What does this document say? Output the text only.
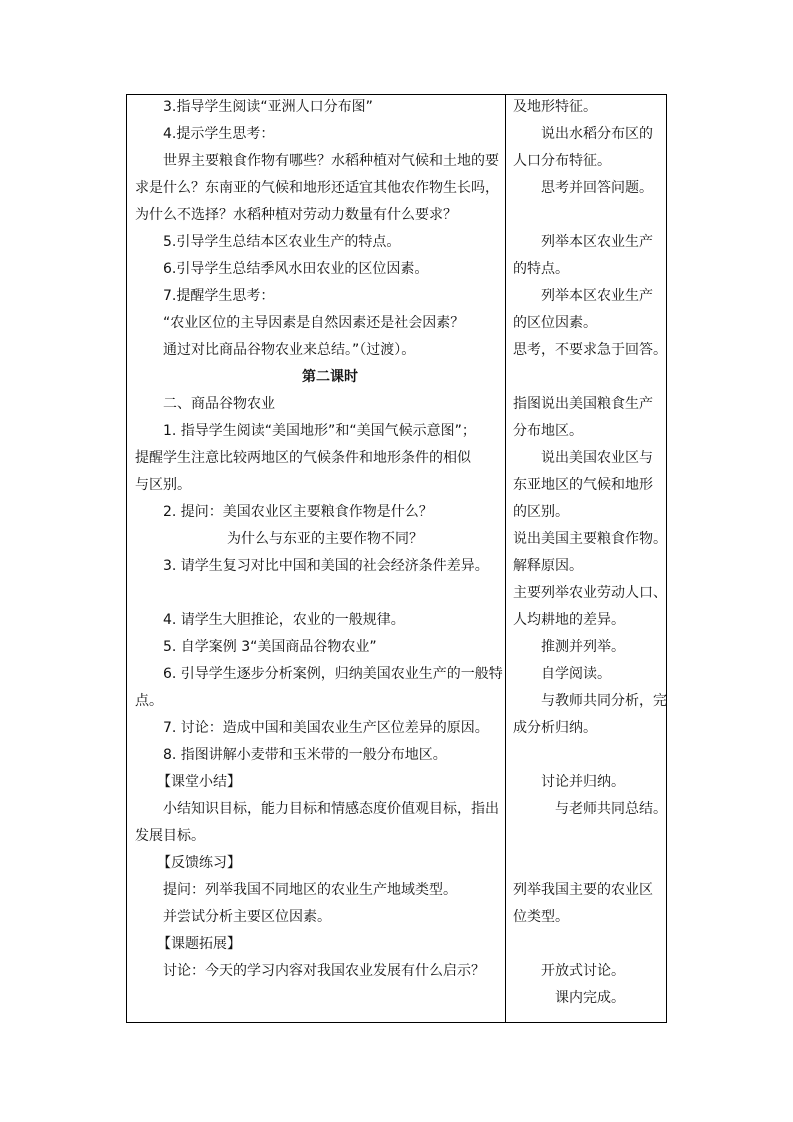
3.指导学生阅读“亚洲人口分布图”
4.提示学生思考：
世界主要粮食作物有哪些？水稻种植对气候和土地的要
求是什么？东南亚的气候和地形还适宜其他农作物生长吗，
为什么不选择？水稻种植对劳动力数量有什么要求？
5.引导学生总结本区农业生产的特点。
6.引导学生总结季风水田农业的区位因素。
7.提醒学生思考：
“农业区位的主导因素是自然因素还是社会因素？
通过对比商品谷物农业来总结。”（过渡）。
第二课时
二、商品谷物农业
1. 指导学生阅读“美国地形”和“美国气候示意图”；
提醒学生注意比较两地区的气候条件和地形条件的相似
与区别。
2. 提问：美国农业区主要粮食作物是什么？
为什么与东亚的主要作物不同？
3. 请学生复习对比中国和美国的社会经济条件差异。
4. 请学生大胆推论，农业的一般规律。
5. 自学案例 3“美国商品谷物农业”
6. 引导学生逐步分析案例，归纳美国农业生产的一般特
点。
7. 讨论：造成中国和美国农业生产区位差异的原因。
8. 指图讲解小麦带和玉米带的一般分布地区。
【课堂小结】
小结知识目标，能力目标和情感态度价值观目标，指出
发展目标。
【反馈练习】
提问：列举我国不同地区的农业生产地域类型。
并尝试分析主要区位因素。
【课题拓展】
讨论：今天的学习内容对我国农业发展有什么启示？
及地形特征。
说出水稻分布区的
人口分布特征。
思考并回答问题。
列举本区农业生产
的特点。
列举本区农业生产
的区位因素。
思考，不要求急于回答。
指图说出美国粮食生产
分布地区。
说出美国农业区与
东亚地区的气候和地形
的区别。
说出美国主要粮食作物。
解释原因。
主要列举农业劳动人口、
人均耕地的差异。
推测并列举。
自学阅读。
与教师共同分析，完
成分析归纳。
讨论并归纳。
与老师共同总结。
列举我国主要的农业区
位类型。
开放式讨论。
课内完成。
